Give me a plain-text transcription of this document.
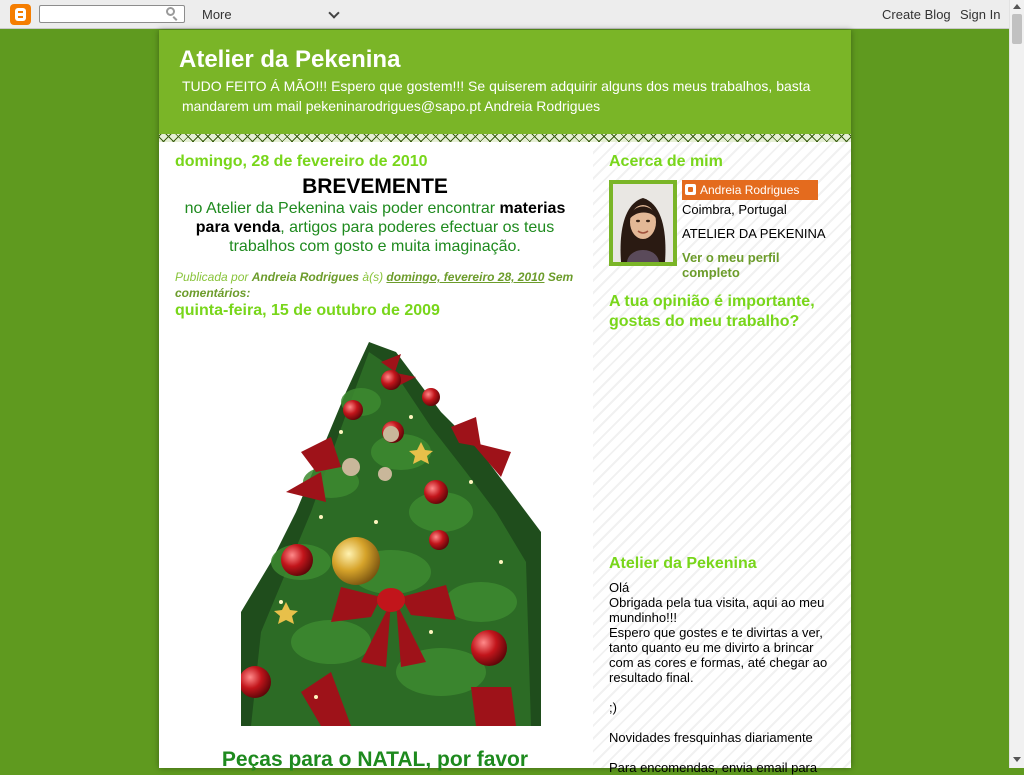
More	Create Blog Sign In
Atelier da Pekenina

TUDO FEITO Á MÃO!!! Espero que gostem!!! Se quiserem adquirir alguns dos meus trabalhos, basta mandarem um mail pekeninarodrigues@sapo.pt Andreia Rodrigues

domingo, 28 de fevereiro de 2010
BREVEMENTE

no Atelier da Pekenina vais poder encontrar materias para venda, artigos para poderes efectuar os teus trabalhos com gosto e muita imaginação.

Publicada por Andreia Rodrigues à(s) domingo, fevereiro 28, 2010 Sem comentários:
quinta-feira, 15 de outubro de 2009
Peças para o NATAL, por favor
Acerca de mim
Andreia Rodrigues
Coimbra, Portugal
ATELIER DA PEKENINA
Ver o meu perfil completo
A tua opinião é importante, gostas do meu trabalho?
Atelier da Pekenina
Olá
Obrigada pela tua visita, aqui ao meu mundinho!!!
Espero que gostes e te divirtas a ver, tanto quanto eu me divirto a brincar com as cores e formas, até chegar ao resultado final.

;)

Novidades fresquinhas diariamente

Para encomendas, envia email para
